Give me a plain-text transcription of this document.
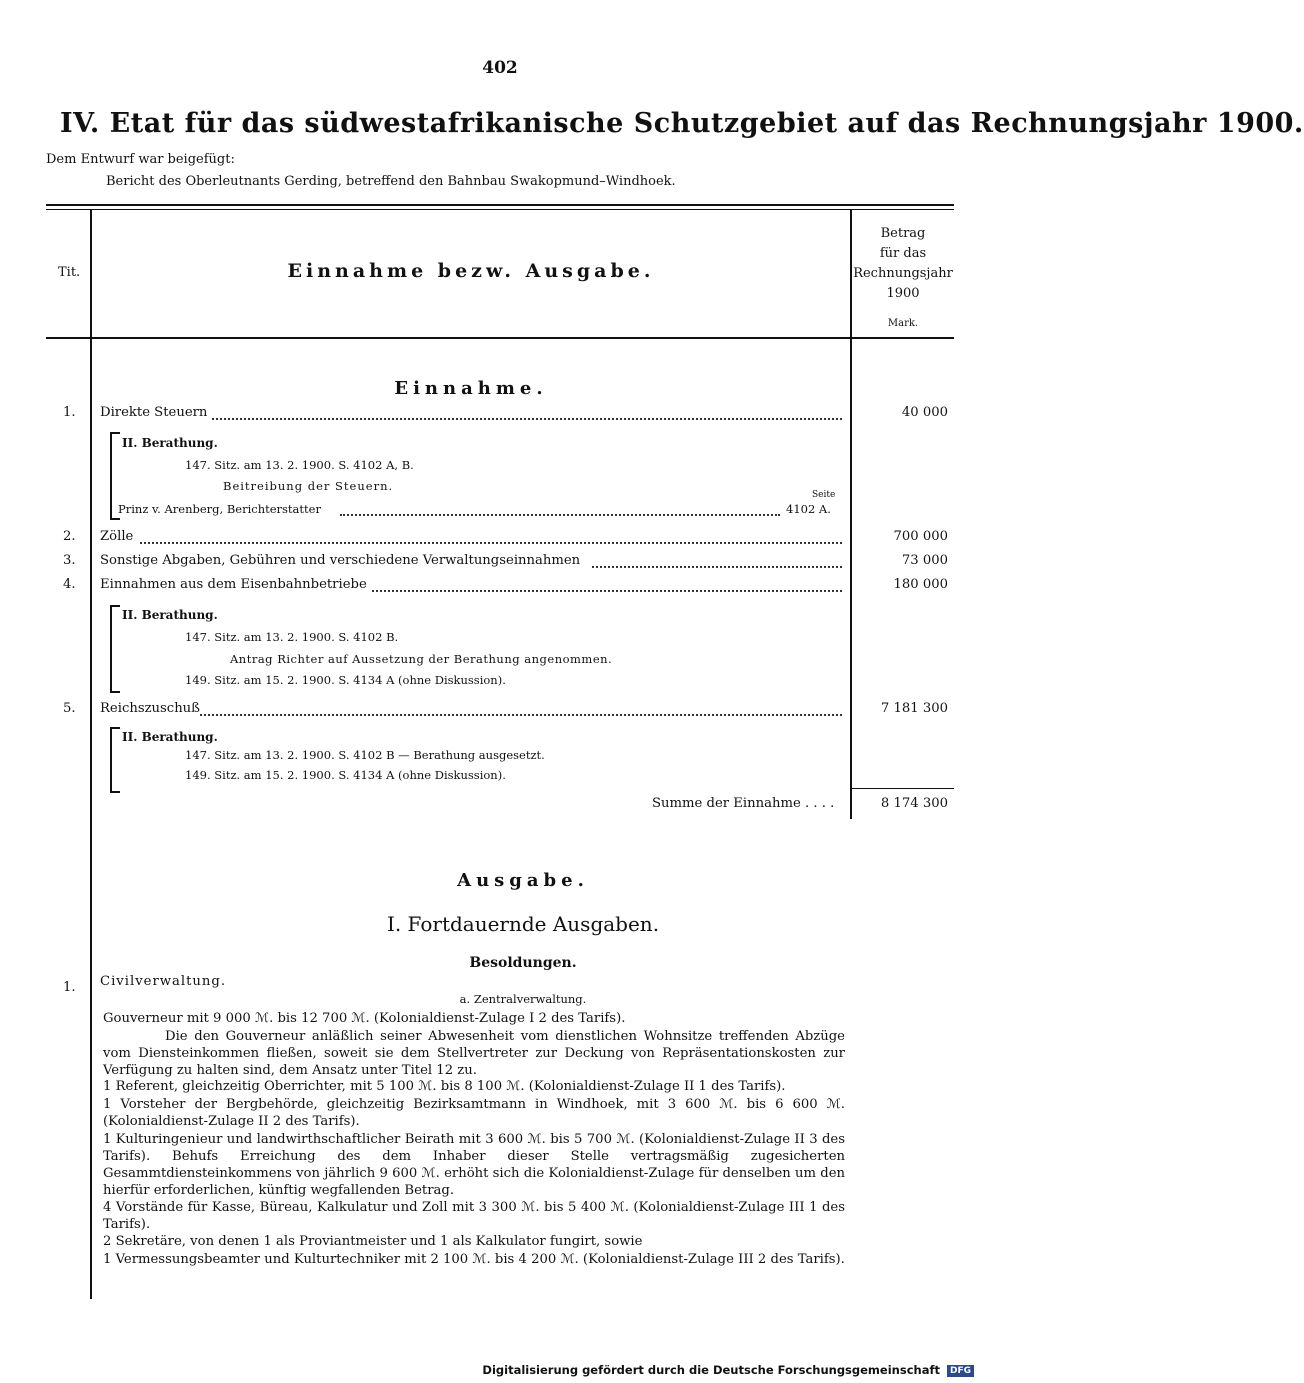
402
IV. Etat für das südwestafrikanische Schutzgebiet auf das Rechnungsjahr 1900.
Dem Entwurf war beigefügt:
Bericht des Oberleutnants Gerding, betreffend den Bahnbau Swakopmund–Windhoek.
Tit.	Einnahme bezw. Ausgabe.
Betrag
für das
Rechnungsjahr
1900
Mark.
Einnahme.
1. Direkte Steuern	40 000
II. Berathung.
147. Sitz. am 13. 2. 1900. S. 4102 A, B.
Beitreibung der Steuern.
Seite
Prinz v. Arenberg, Berichterstatter	4102 A.
2. Zölle	700 000
3. Sonstige Abgaben, Gebühren und verschiedene Verwaltungseinnahmen	73 000
4. Einnahmen aus dem Eisenbahnbetriebe	180 000
II. Berathung.
147. Sitz. am 13. 2. 1900. S. 4102 B.
Antrag Richter auf Aussetzung der Berathung angenommen.
149. Sitz. am 15. 2. 1900. S. 4134 A (ohne Diskussion).
5. Reichszuschuß	7 181 300
II. Berathung.
147. Sitz. am 13. 2. 1900. S. 4102 B — Berathung ausgesetzt.
149. Sitz. am 15. 2. 1900. S. 4134 A (ohne Diskussion).
Summe der Einnahme . . . .	8 174 300
Ausgabe.
I. Fortdauernde Ausgaben.
Besoldungen.
1. Civilverwaltung.
a. Zentralverwaltung.
Gouverneur mit 9 000 ℳ. bis 12 700 ℳ. (Kolonialdienst-Zulage I 2 des Tarifs).
Die den Gouverneur anläßlich seiner Abwesenheit vom dienstlichen Wohnsitze treffenden Abzüge vom Diensteinkommen fließen, soweit sie dem Stellvertreter zur Deckung von Repräsentationskosten zur Verfügung zu halten sind, dem Ansatz unter Titel 12 zu.
1 Referent, gleichzeitig Oberrichter, mit 5 100 ℳ. bis 8 100 ℳ. (Kolonialdienst-Zulage II 1 des Tarifs).
1 Vorsteher der Bergbehörde, gleichzeitig Bezirksamtmann in Windhoek, mit 3 600 ℳ. bis 6 600 ℳ. (Kolonialdienst-Zulage II 2 des Tarifs).
1 Kulturingenieur und landwirthschaftlicher Beirath mit 3 600 ℳ. bis 5 700 ℳ. (Kolonialdienst-Zulage II 3 des Tarifs). Behufs Erreichung des dem Inhaber dieser Stelle vertragsmäßig zugesicherten Gesammtdiensteinkommens von jährlich 9 600 ℳ. erhöht sich die Kolonialdienst-Zulage für denselben um den hierfür erforderlichen, künftig wegfallenden Betrag.
4 Vorstände für Kasse, Büreau, Kalkulatur und Zoll mit 3 300 ℳ. bis 5 400 ℳ. (Kolonialdienst-Zulage III 1 des Tarifs).
2 Sekretäre, von denen 1 als Proviantmeister und 1 als Kalkulator fungirt, sowie
1 Vermessungsbeamter und Kulturtechniker mit 2 100 ℳ. bis 4 200 ℳ. (Kolonialdienst-Zulage III 2 des Tarifs).
Digitalisierung gefördert durch die Deutsche Forschungsgemeinschaft DFG
